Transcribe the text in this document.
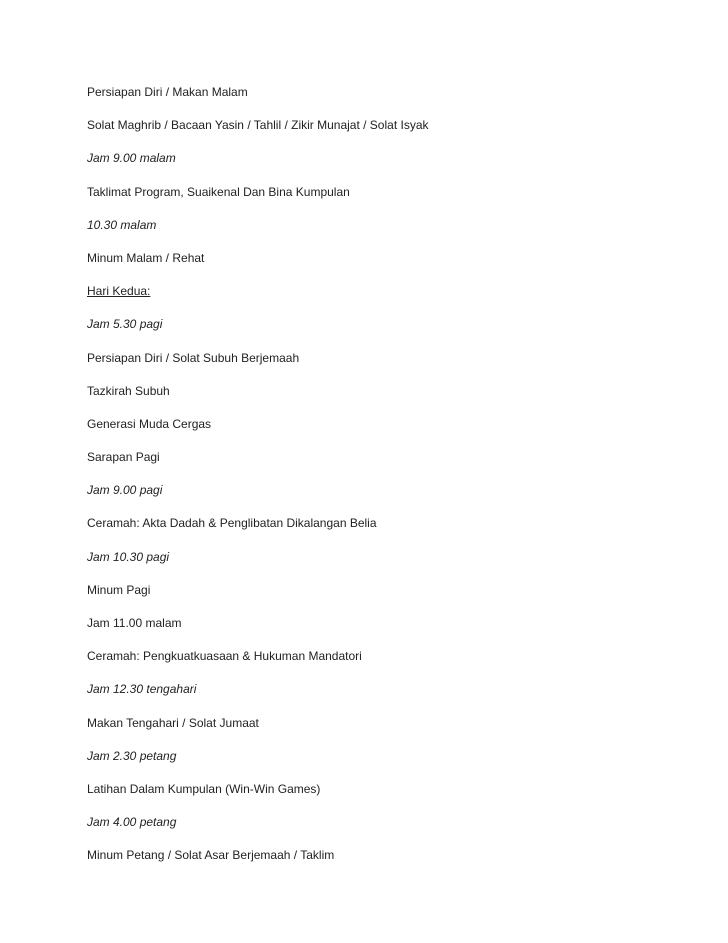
Persiapan Diri / Makan Malam
Solat Maghrib / Bacaan Yasin / Tahlil / Zikir Munajat / Solat Isyak
Jam 9.00 malam
Taklimat Program, Suaikenal Dan Bina Kumpulan
10.30 malam
Minum Malam / Rehat
Hari Kedua:
Jam 5.30 pagi
Persiapan Diri / Solat Subuh Berjemaah
Tazkirah Subuh
Generasi Muda Cergas
Sarapan Pagi
Jam 9.00 pagi
Ceramah: Akta Dadah & Penglibatan Dikalangan Belia
Jam 10.30 pagi
Minum Pagi
Jam 11.00 malam
Ceramah: Pengkuatkuasaan & Hukuman Mandatori
Jam 12.30 tengahari
Makan Tengahari / Solat Jumaat
Jam 2.30 petang
Latihan Dalam Kumpulan (Win-Win Games)
Jam 4.00 petang
Minum Petang / Solat Asar Berjemaah / Taklim
